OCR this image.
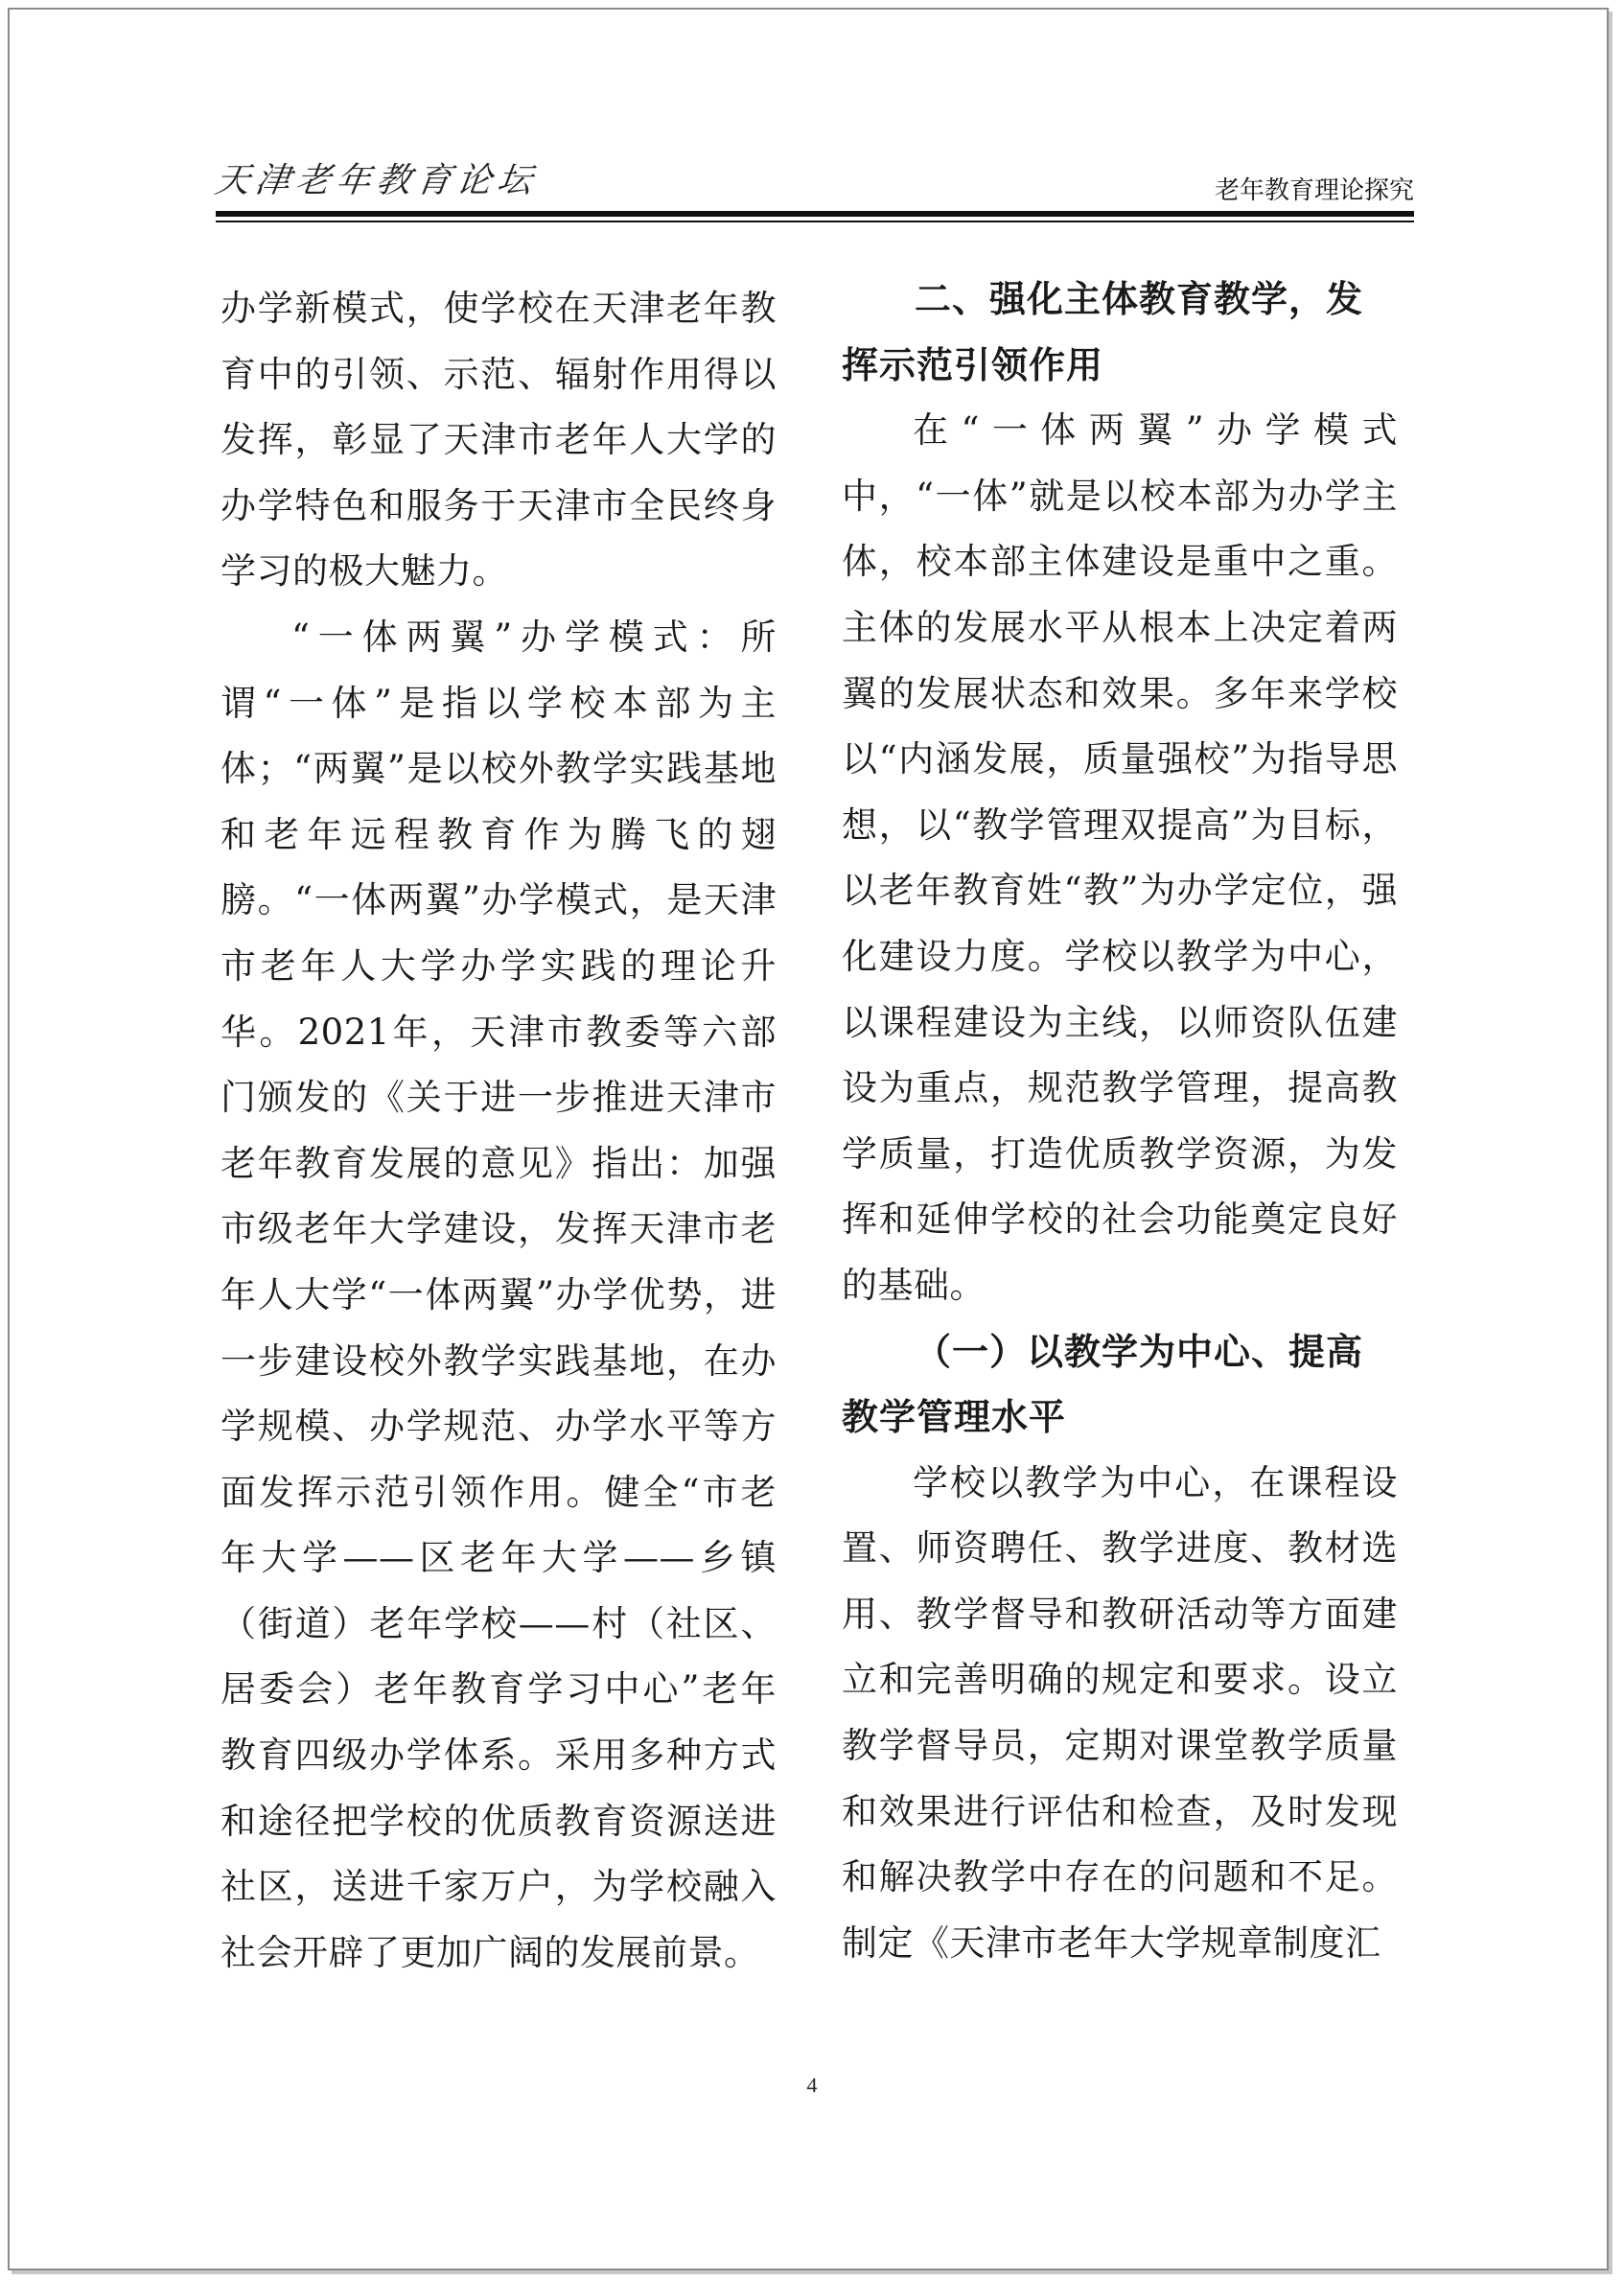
天津老年教育论坛	老年教育理论探究

办学新模式，使学校在天津老年教育中的引领、示范、辐射作用得以发挥，彰显了天津市老年人大学的办学特色和服务于天津市全民终身学习的极大魅力。

“一体两翼”办学模式：所谓“一体”是指以学校本部为主体；“两翼”是以校外教学实践基地和老年远程教育作为腾飞的翅膀。“一体两翼”办学模式，是天津市老年人大学办学实践的理论升华。2021年，天津市教委等六部门颁发的《关于进一步推进天津市老年教育发展的意见》指出：加强市级老年大学建设，发挥天津市老年人大学“一体两翼”办学优势，进一步建设校外教学实践基地，在办学规模、办学规范、办学水平等方面发挥示范引领作用。健全“市老年大学——区老年大学——乡镇（街道）老年学校——村（社区、居委会）老年教育学习中心”老年教育四级办学体系。采用多种方式和途径把学校的优质教育资源送进社区，送进千家万户，为学校融入社会开辟了更加广阔的发展前景。

二、强化主体教育教学，发挥示范引领作用

在“一体两翼”办学模式中，“一体”就是以校本部为办学主体，校本部主体建设是重中之重。主体的发展水平从根本上决定着两翼的发展状态和效果。多年来学校以“内涵发展，质量强校”为指导思想，以“教学管理双提高”为目标，以老年教育姓“教”为办学定位，强化建设力度。学校以教学为中心，以课程建设为主线，以师资队伍建设为重点，规范教学管理，提高教学质量，打造优质教学资源，为发挥和延伸学校的社会功能奠定良好的基础。

（一）以教学为中心、提高教学管理水平

学校以教学为中心，在课程设置、师资聘任、教学进度、教材选用、教学督导和教研活动等方面建立和完善明确的规定和要求。设立教学督导员，定期对课堂教学质量和效果进行评估和检查，及时发现和解决教学中存在的问题和不足。制定《天津市老年大学规章制度汇

4
